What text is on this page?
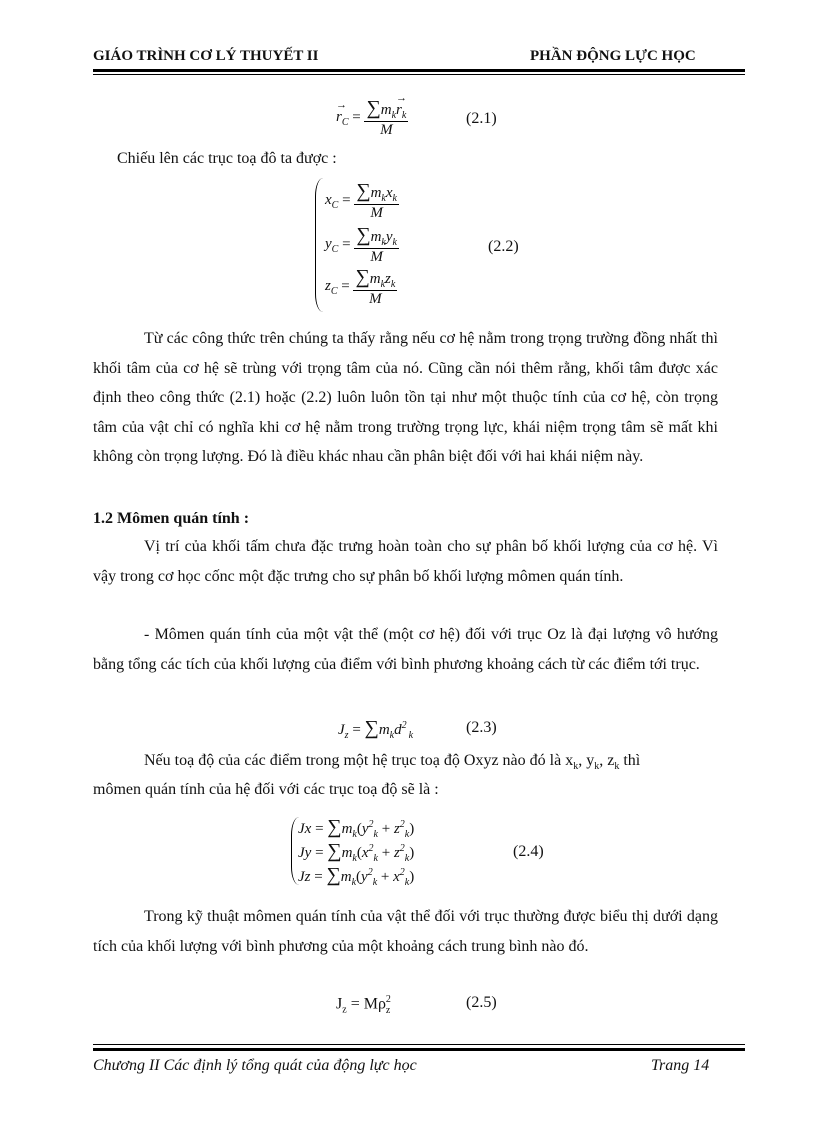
GIÁO TRÌNH CƠ LÝ THUYẾT II	PHẦN ĐỘNG LỰC HỌC
r
→
$_C = \sum m_kr$
→
$_k$
M	(2.1)
Chiếu lên các trục toạ đô ta được :
$x_C = \frac{\sum m_kx_k}{M}$
$y_C = \frac{\sum m_ky_k}{M}$
$z_C = \frac{\sum m_kz_k}{M}$
(2.2)
Từ các công thức trên chúng ta thấy rằng nếu cơ hệ nằm trong trọng trường đồng nhất thì khối tâm của cơ hệ sẽ trùng với trọng tâm của nó. Cũng cần nói thêm rằng, khối tâm được xác định theo công thức (2.1) hoặc (2.2) luôn luôn tồn tại như một thuộc tính của cơ hệ, còn trọng tâm của vật chỉ có nghĩa khi cơ hệ nằm trong trường trọng lực, khái niệm trọng tâm sẽ mất khi không còn trọng lượng. Đó là điều khác nhau cần phân biệt đối với hai khái niệm này.
1.2 Mômen quán tính :
Vị trí của khối tấm chưa đặc trưng hoàn toàn cho sự phân bố khối lượng của cơ hệ. Vì vậy trong cơ học cốnc một đặc trưng cho sự phân bố khối lượng mômen quán tính.
- Mômen quán tính của một vật thể (một cơ hệ) đối với trục Oz là đại lượng vô hướng bằng tổng các tích của khối lượng của điểm với bình phương khoảng cách từ các điểm tới trục.
$J_z = \sum m_kd^2_k$	(2.3)
Nếu toạ độ của các điểm trong một hệ trục toạ độ Oxyz nào đó là $x_k$, $y_k$, $z_k$ thì
mômen quán tính của hệ đối với các trục toạ độ sẽ là :
$Jx = \sum m_k(y^2_k + z^2_k)$
$Jy = \sum m_k(x^2_k + z^2_k)$
$Jz = \sum m_k(y^2_k + x^2_k)$
(2.4)
Trong kỹ thuật mômen quán tính của vật thể đối với trục thường được biểu thị dưới dạng tích của khối lượng với bình phương của một khoảng cách trung bình nào đó.
$J_z = M\rho^2_z$	(2.5)
Chương II Các định lý tổng quát của động lực học	Trang 14
